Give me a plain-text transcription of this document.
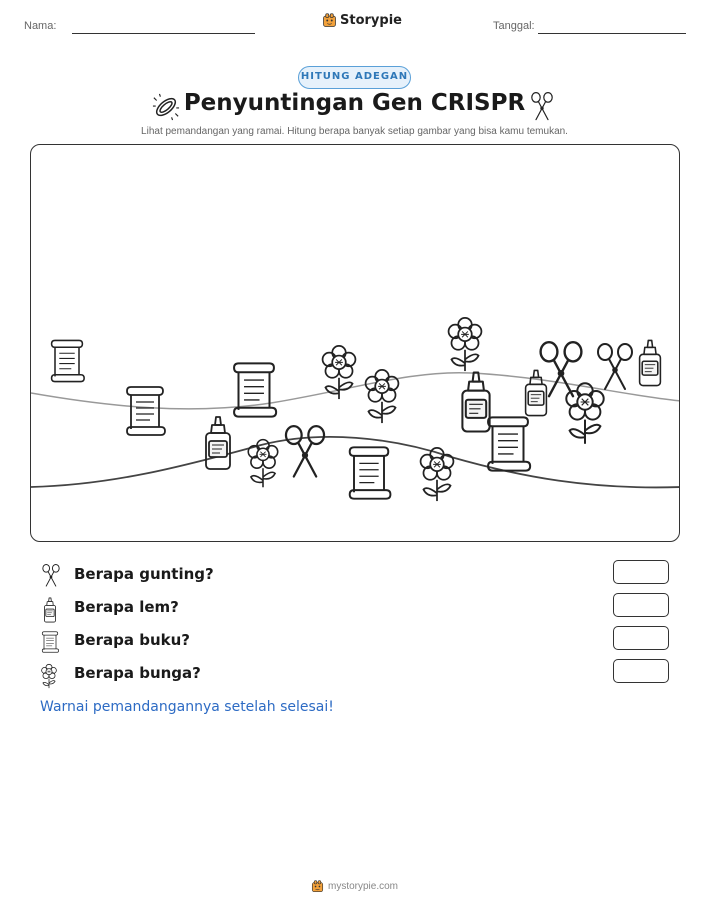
Nama:	Storypie	Tanggal:
HITUNG ADEGAN
Penyuntingan Gen CRISPR
Lihat pemandangan yang ramai. Hitung berapa banyak setiap gambar yang bisa kamu temukan.
Berapa gunting?
Berapa lem?
Berapa buku?
Berapa bunga?
Warnai pemandangannya setelah selesai!
mystorypie.com
